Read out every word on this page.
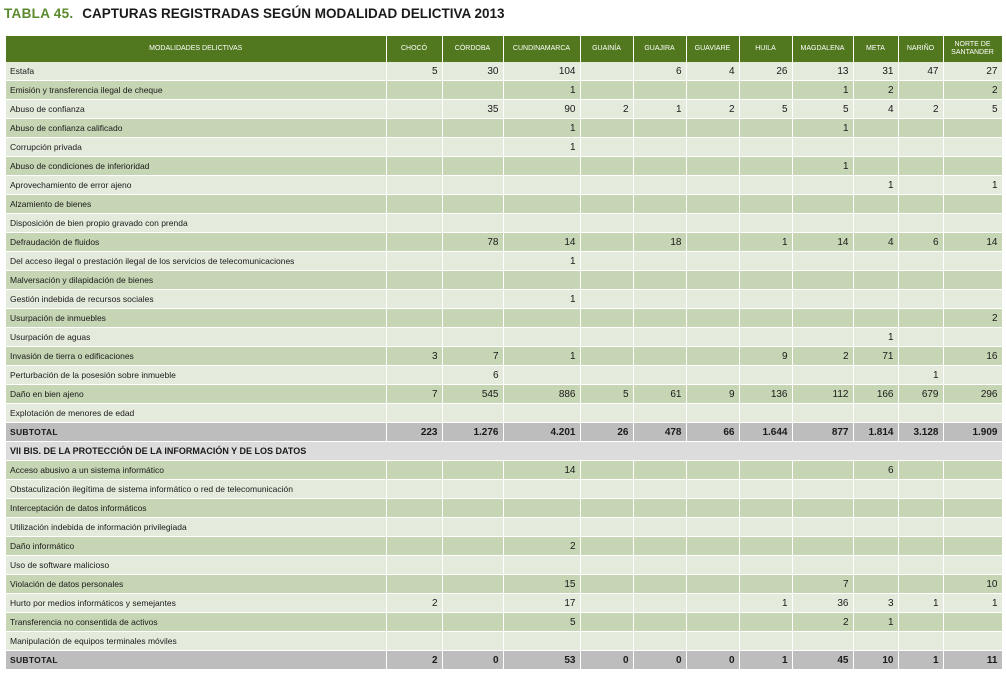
TABLA 45. CAPTURAS REGISTRADAS SEGÚN MODALIDAD DELICTIVA 2013
MODALIDADES DELICTIVAS	CHOCÓ	CÓRDOBA	CUNDINAMARCA	GUAINÍA	GUAJIRA	GUAVIARE	HUILA	MAGDALENA	META	NARIÑO	NORTE DE SANTANDER
Estafa	5	30	104		6	4	26	13	31	47	27
Emisión y transferencia ilegal de cheque			1					1	2		2
Abuso de confianza		35	90	2	1	2	5	5	4	2	5
Abuso de confianza calificado			1					1			
Corrupción privada			1								
Abuso de condiciones de inferioridad								1			
Aprovechamiento de error ajeno									1		1
Alzamiento de bienes											
Disposición de bien propio gravado con prenda											
Defraudación de fluidos		78	14		18		1	14	4	6	14
Del acceso ilegal o prestación ilegal de los servicios de telecomunicaciones			1								
Malversación y dilapidación de bienes											
Gestión indebida de recursos sociales			1								
Usurpación de inmuebles											2
Usurpación de aguas									1		
Invasión de tierra o edificaciones	3	7	1				9	2	71		16
Perturbación de la posesión sobre inmueble		6								1	
Daño en bien ajeno	7	545	886	5	61	9	136	112	166	679	296
Explotación de menores de edad											
SUBTOTAL	223	1.276	4.201	26	478	66	1.644	877	1.814	3.128	1.909
VII BIS. DE LA PROTECCIÓN DE LA INFORMACIÓN Y DE LOS DATOS											
Acceso abusivo a un sistema informático			14						6		
Obstaculización ilegítima de sistema informático o red de telecomunicación											
Interceptación de datos informáticos											
Utilización indebida de información privilegiada											
Daño informático			2								
Uso de software malicioso											
Violación de datos personales			15					7			10
Hurto por medios informáticos y semejantes	2		17				1	36	3	1	1
Transferencia no consentida de activos			5					2	1		
Manipulación de equipos terminales móviles											
SUBTOTAL	2	0	53	0	0	0	1	45	10	1	11
